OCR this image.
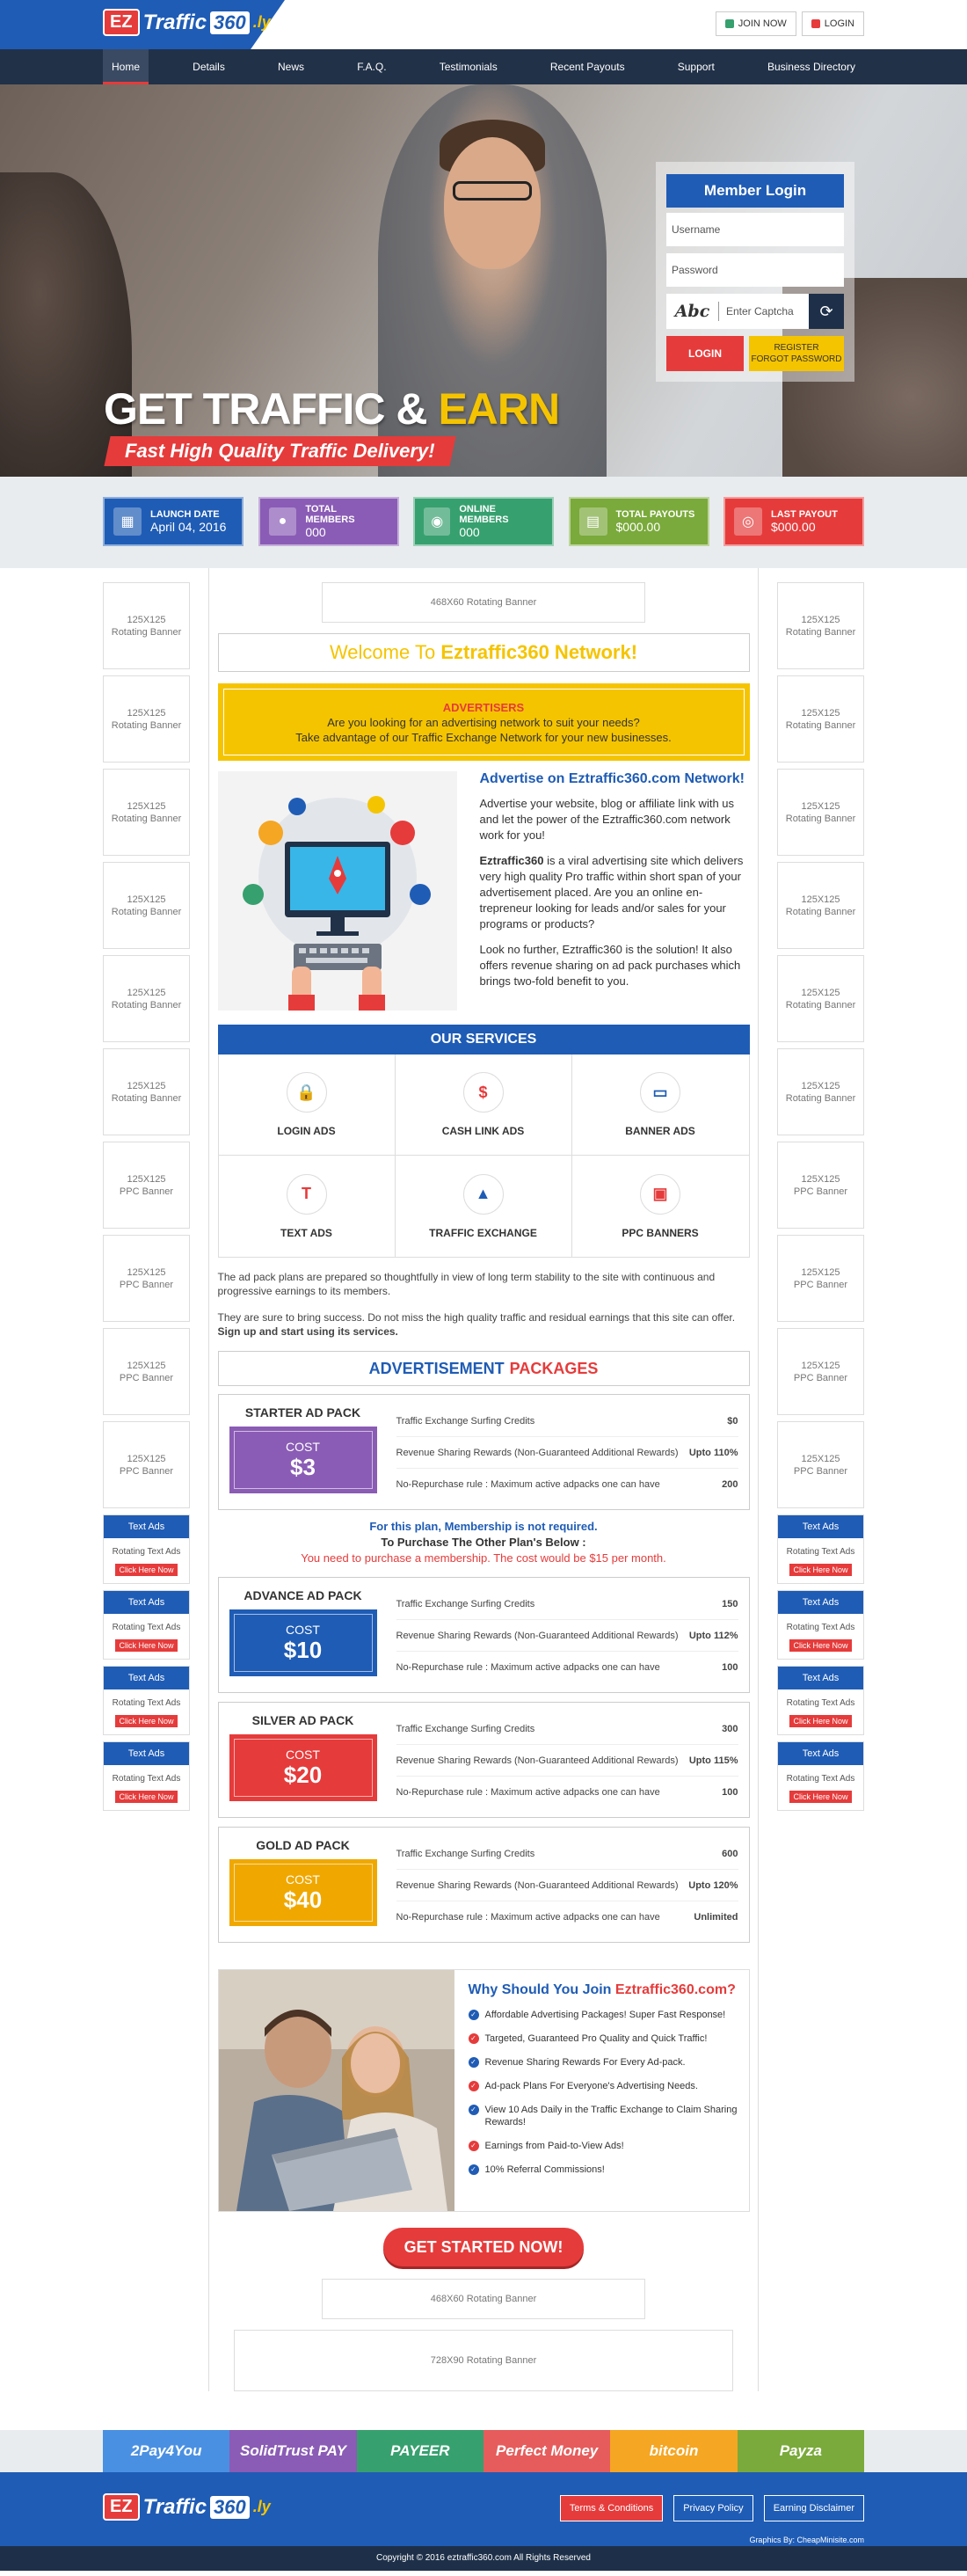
EZ Traffic 360 .ly	JOIN NOW	LOGIN
Home	Details	News	F.A.Q.	Testimonials	Recent Payouts	Support	Business Directory
GET TRAFFIC & EARN
Fast High Quality Traffic Delivery!
Member Login
Username
Password
Abc	Enter Captcha	⟳
LOGIN	REGISTER
FORGOT PASSWORD
▦	LAUNCH DATE
April 04, 2016	●
TOTAL MEMBERS
000
◉
ONLINE MEMBERS
000
▤	TOTAL PAYOUTS
$000.00	◎	LAST PAYOUT
$000.00
125X125
Rotating Banner
125X125
Rotating Banner
125X125
Rotating Banner
125X125
Rotating Banner
125X125
Rotating Banner
125X125
Rotating Banner
125X125
PPC Banner
125X125
PPC Banner
125X125
PPC Banner
125X125
PPC Banner
Text Ads
Rotating Text Ads
Click Here Now
Text Ads
Rotating Text Ads
Click Here Now
Text Ads
Rotating Text Ads
Click Here Now
Text Ads
Rotating Text Ads
Click Here Now
468X60 Rotating Banner
Welcome To
Eztraffic360 Network!
ADVERTISERS
Are you looking for an advertising network to suit your needs?
Take advantage of our Traffic Exchange Network for your new businesses.
Advertise on Eztraffic360.com Network!

Advertise your website, blog or affiliate link with us and let the power of the Eztraffic360.com network work for you!

Eztraffic360 is a viral advertising site which delivers very high quality Pro traffic within short span of your advertisement placed. Are you an online en-trepreneur looking for leads and/or sales for your programs or products?

Look no further, Eztraffic360 is the solution! It also offers revenue sharing on ad pack purchases which brings two-fold benefit to you.

OUR SERVICES
🔒
LOGIN ADS
$
CASH LINK ADS
▭
BANNER ADS
T
TEXT ADS
▲
TRAFFIC EXCHANGE
▣
PPC BANNERS

The ad pack plans are prepared so thoughtfully in view of long term stability to the site with continuous and progressive earnings to its members.

They are sure to bring success. Do not miss the high quality traffic and residual earnings that this site can offer. Sign up and start using its services.

ADVERTISEMENT PACKAGES
STARTER AD PACK
COST
$3
Traffic Exchange Surfing Credits	$0
Revenue Sharing Rewards (Non-Guaranteed Additional Rewards) Upto 110%
No-Repurchase rule : Maximum active adpacks one can have	200
For this plan, Membership is not required.
To Purchase The Other Plan's Below :
You need to purchase a membership. The cost would be $15 per month.
ADVANCE AD PACK
COST
$10
Traffic Exchange Surfing Credits	150
Revenue Sharing Rewards (Non-Guaranteed Additional Rewards) Upto 112%
No-Repurchase rule : Maximum active adpacks one can have	100
SILVER AD PACK
COST
$20
Traffic Exchange Surfing Credits	300
Revenue Sharing Rewards (Non-Guaranteed Additional Rewards) Upto 115%
No-Repurchase rule : Maximum active adpacks one can have	100
GOLD AD PACK
COST
$40
Traffic Exchange Surfing Credits	600
Revenue Sharing Rewards (Non-Guaranteed Additional Rewards) Upto 120%
No-Repurchase rule : Maximum active adpacks one can have	Unlimited
Why Should You Join Eztraffic360.com?
✓ Affordable Advertising Packages! Super Fast Response!
✓ Targeted, Guaranteed Pro Quality and Quick Traffic!
✓ Revenue Sharing Rewards For Every Ad-pack.
✓ Ad-pack Plans For Everyone's Advertising Needs.
✓ View 10 Ads Daily in the Traffic Exchange to Claim Sharing Rewards!
✓ Earnings from Paid-to-View Ads!
✓ 10% Referral Commissions!
GET STARTED NOW!
468X60 Rotating Banner
728X90 Rotating Banner
125X125
Rotating Banner
125X125
Rotating Banner
125X125
Rotating Banner
125X125
Rotating Banner
125X125
Rotating Banner
125X125
Rotating Banner
125X125
PPC Banner
125X125
PPC Banner
125X125
PPC Banner
125X125
PPC Banner
Text Ads
Rotating Text Ads
Click Here Now
Text Ads
Rotating Text Ads
Click Here Now
Text Ads
Rotating Text Ads
Click Here Now
Text Ads
Rotating Text Ads
Click Here Now
2Pay4You	SolidTrust PAY	PAYEER	Perfect Money	bitcoin	Payza
EZ Traffic 360 .ly	Terms & Conditions	Privacy Policy	Earning Disclaimer
Graphics By: CheapMinisite.com
Copyright © 2016 eztraffic360.com All Rights Reserved
